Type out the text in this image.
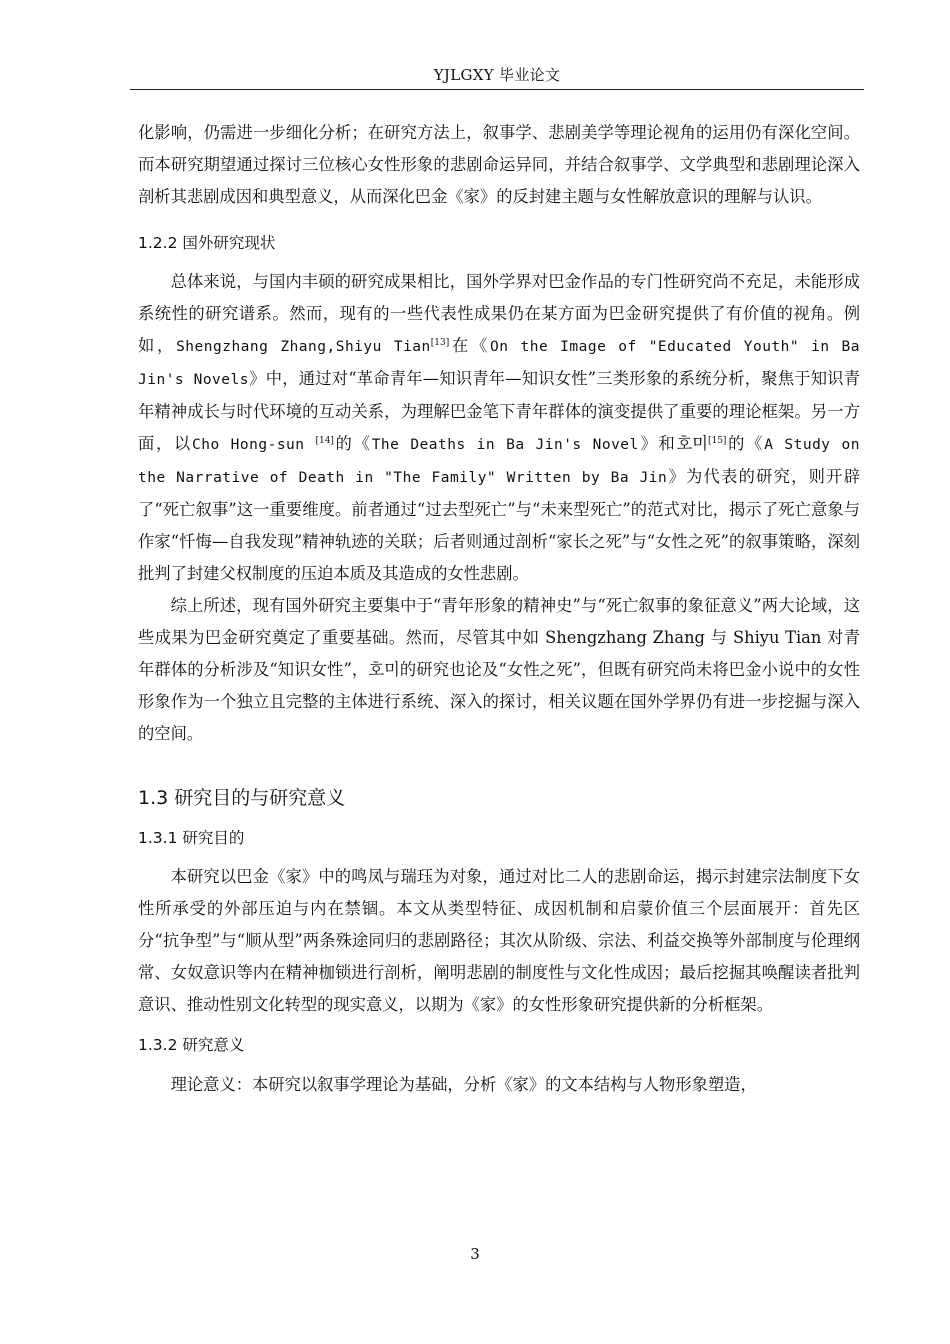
YJLGXY 毕业论文

化影响，仍需进一步细化分析；在研究方法上，叙事学、悲剧美学等理论视角的运用仍有深化空间。而本研究期望通过探讨三位核心女性形象的悲剧命运异同，并结合叙事学、文学典型和悲剧理论深入剖析其悲剧成因和典型意义，从而深化巴金《家》的反封建主题与女性解放意识的理解与认识。

1.2.2 国外研究现状

总体来说，与国内丰硕的研究成果相比，国外学界对巴金作品的专门性研究尚不充足，未能形成系统性的研究谱系。然而，现有的一些代表性成果仍在某方面为巴金研究提供了有价值的视角。例如，Shengzhang Zhang,Shiyu Tian[13]在《On the Image of "Educated Youth" in Ba Jin's Novels》中，通过对“革命青年—知识青年—知识女性”三类形象的系统分析，聚焦于知识青年精神成长与时代环境的互动关系，为理解巴金笔下青年群体的演变提供了重要的理论框架。另一方面，以Cho Hong-sun [14]的《The Deaths in Ba Jin's Novel》和호미[15]的《A Study on the Narrative of Death in "The Family" Written by Ba Jin》为代表的研究，则开辟了“死亡叙事”这一重要维度。前者通过“过去型死亡”与“未来型死亡”的范式对比，揭示了死亡意象与作家“忏悔—自我发现”精神轨迹的关联；后者则通过剖析“家长之死”与“女性之死”的叙事策略，深刻批判了封建父权制度的压迫本质及其造成的女性悲剧。

综上所述，现有国外研究主要集中于“青年形象的精神史”与“死亡叙事的象征意义”两大论域，这些成果为巴金研究奠定了重要基础。然而，尽管其中如 Shengzhang Zhang 与 Shiyu Tian 对青年群体的分析涉及“知识女性”，호미的研究也论及“女性之死”，但既有研究尚未将巴金小说中的女性形象作为一个独立且完整的主体进行系统、深入的探讨，相关议题在国外学界仍有进一步挖掘与深入的空间。

1.3 研究目的与研究意义
1.3.1 研究目的

本研究以巴金《家》中的鸣凤与瑞珏为对象，通过对比二人的悲剧命运，揭示封建宗法制度下女性所承受的外部压迫与内在禁锢。本文从类型特征、成因机制和启蒙价值三个层面展开：首先区分“抗争型”与“顺从型”两条殊途同归的悲剧路径；其次从阶级、宗法、利益交换等外部制度与伦理纲常、女奴意识等内在精神枷锁进行剖析，阐明悲剧的制度性与文化性成因；最后挖掘其唤醒读者批判意识、推动性别文化转型的现实意义，以期为《家》的女性形象研究提供新的分析框架。

1.3.2 研究意义

理论意义：本研究以叙事学理论为基础，分析《家》的文本结构与人物形象塑造，

3
